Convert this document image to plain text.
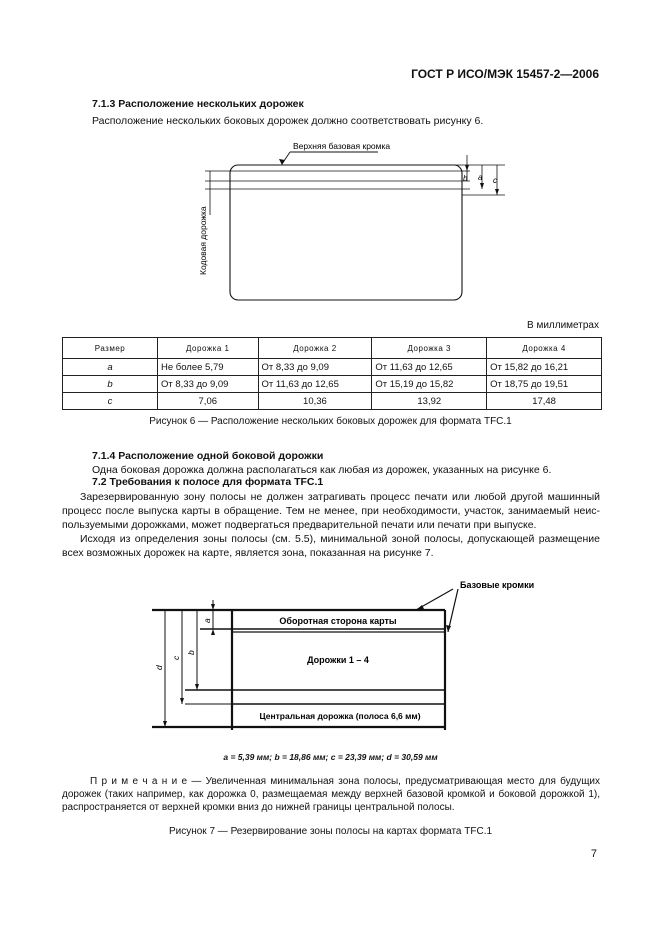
ГОСТ Р ИСО/МЭК 15457-2—2006
7.1.3 Расположение нескольких дорожек
Расположение нескольких боковых дорожек должно соответствовать рисунку 6.
Верхняя базовая кромка
b a c
Кодовая дорожка
В миллиметрах
Размер	Дорожка 1	Дорожка 2	Дорожка 3	Дорожка 4
a	Не более 5,79	От 8,33 до 9,09	От 11,63 до 12,65	От 15,82 до 16,21
b	От 8,33 до 9,09	От 11,63 до 12,65	От 15,19 до 15,82	От 18,75 до 19,51
c	7,06	10,36	13,92	17,48
Рисунок 6 — Расположение нескольких боковых дорожек для формата TFC.1
7.1.4 Расположение одной боковой дорожки
Одна боковая дорожка должна располагаться как любая из дорожек, указанных на рисунке 6.
7.2 Требования к полосе для формата TFC.1
Зарезервированную зону полосы не должен затрагивать процесс печати или любой другой машинный процесс после выпуска карты в обращение. Тем не менее, при необходимости, участок, занимаемый неиспользуемыми дорожками, может подвергаться предварительной печати или печати при выпуске.
Исходя из определения зоны полосы (см. 5.5), минимальной зоной полосы, допускающей размещение всех возможных дорожек на карте, является зона, показанная на рисунке 7.
Базовые кромки
Оборотная сторона карты
Дорожки 1 – 4
Центральная дорожка (полоса 6,6 мм)
a
b
c
d
a = 5,39 мм; b = 18,86 мм; c = 23,39 мм; d = 30,59 мм
П р и м е ч а н и е — Увеличенная минимальная зона полосы, предусматривающая место для будущих дорожек (таких например, как дорожка 0, размещаемая между верхней базовой кромкой и боковой дорожкой 1), распространяется от верхней кромки вниз до нижней границы центральной полосы.
Рисунок 7 — Резервирование зоны полосы на картах формата TFC.1
7
